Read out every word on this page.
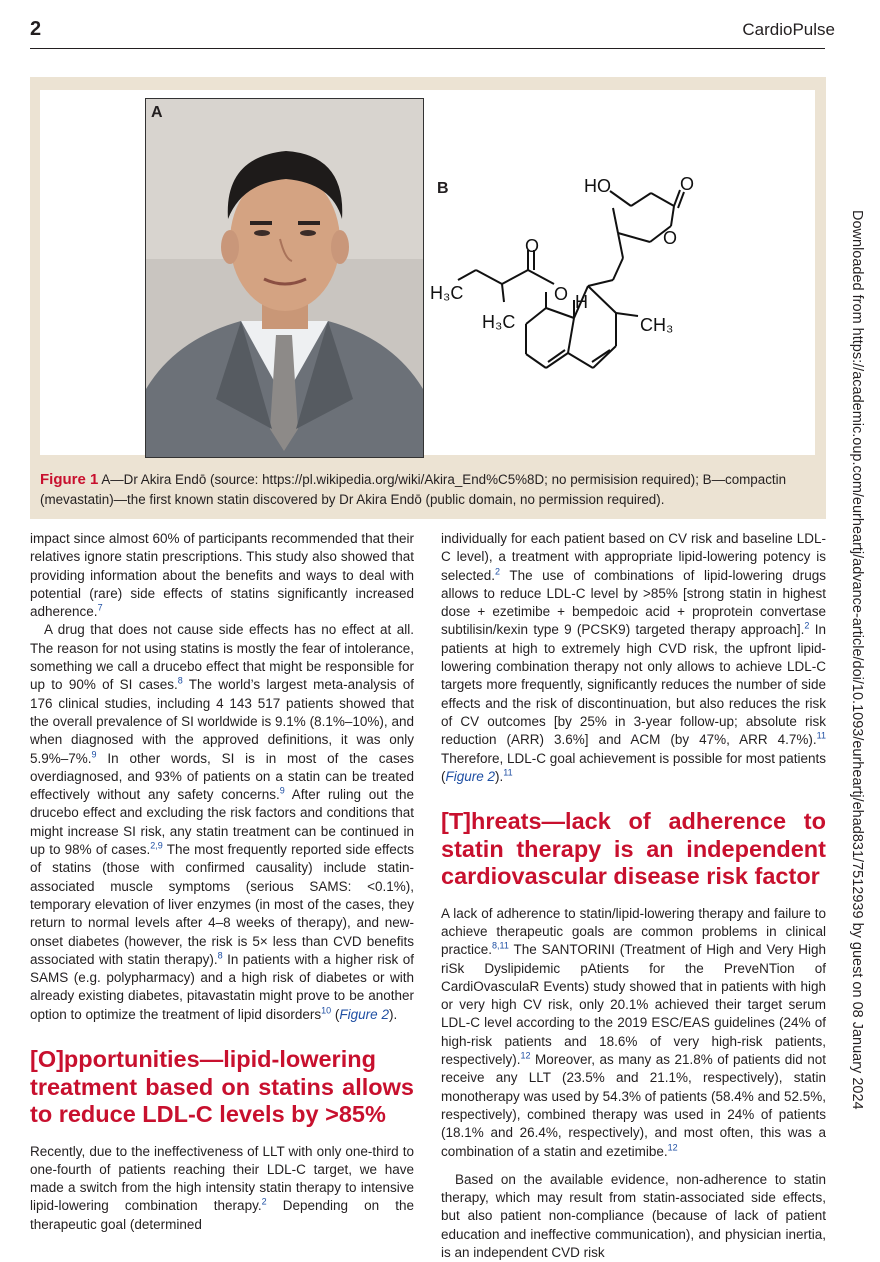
2	CardioPulse
A
HO	O
O
O
O H
H₃C
H₃C	CH₃
B
Figure 1 A—Dr Akira Endō (source: https://pl.wikipedia.org/wiki/Akira_End%C5%8D; no permisision required); B—compactin (mevastatin)—the first known statin discovered by Dr Akira Endō (public domain, no permission required).

impact since almost 60% of participants recommended that their relatives ignore statin prescriptions. This study also showed that providing information about the benefits and ways to deal with potential (rare) side effects of statins significantly increased adherence.$^7$

A drug that does not cause side effects has no effect at all. The reason for not using statins is mostly the fear of intolerance, something we call a drucebo effect that might be responsible for up to 90% of SI cases.$^8$ The world’s largest meta-analysis of 176 clinical studies, including 4 143 517 patients showed that the overall prevalence of SI worldwide is 9.1% (8.1%–10%), and when diagnosed with the approved definitions, it was only 5.9%–7%.$^9$ In other words, SI is in most of the cases overdiagnosed, and 93% of patients on a statin can be treated effectively without any safety concerns.$^9$ After ruling out the drucebo effect and excluding the risk factors and conditions that might increase SI risk, any statin treatment can be continued in up to 98% of cases.$^{2,9}$ The most frequently reported side effects of statins (those with confirmed causality) include statin-associated muscle symptoms (serious SAMS: <0.1%), temporary elevation of liver enzymes (in most of the cases, they return to normal levels after 4–8 weeks of therapy), and new-onset diabetes (however, the risk is 5× less than CVD benefits associated with statin therapy).$^8$ In patients with a higher risk of SAMS (e.g. polypharmacy) and a high risk of diabetes or with already existing diabetes, pitavastatin might prove to be another option to optimize the treatment of lipid disorders$^{10}$ (Figure 2).

[O]pportunities—lipid-lowering treatment based on statins allows to reduce LDL-C levels by >85%

Recently, due to the ineffectiveness of LLT with only one-third to one-fourth of patients reaching their LDL-C target, we have made a switch from the high intensity statin therapy to intensive lipid-lowering combination therapy.$^2$ Depending on the therapeutic goal (determined

individually for each patient based on CV risk and baseline LDL-C level), a treatment with appropriate lipid-lowering potency is selected.$^2$ The use of combinations of lipid-lowering drugs allows to reduce LDL-C level by >85% [strong statin in highest dose + ezetimibe + bempedoic acid + proprotein convertase subtilisin/kexin type 9 (PCSK9) targeted therapy approach].$^2$ In patients at high to extremely high CVD risk, the upfront lipid-lowering combination therapy not only allows to achieve LDL-C targets more frequently, significantly reduces the number of side effects and the risk of discontinuation, but also reduces the risk of CV outcomes [by 25% in 3-year follow-up; absolute risk reduction (ARR) 3.6%] and ACM (by 47%, ARR 4.7%).$^{11}$ Therefore, LDL-C goal achievement is possible for most patients (Figure 2).$^{11}$

[T]hreats—lack of adherence to statin therapy is an independent cardiovascular disease risk factor

A lack of adherence to statin/lipid-lowering therapy and failure to achieve therapeutic goals are common problems in clinical practice.$^{8,11}$ The SANTORINI (Treatment of High and Very High riSk Dyslipidemic pAtients for the PreveNTion of CardiOvasculaR Events) study showed that in patients with high or very high CV risk, only 20.1% achieved their target serum LDL-C level according to the 2019 ESC/EAS guidelines (24% of high-risk patients and 18.6% of very high-risk patients, respectively).$^{12}$ Moreover, as many as 21.8% of patients did not receive any LLT (23.5% and 21.1%, respectively), statin monotherapy was used by 54.3% of patients (58.4% and 52.5%, respectively), combined therapy was used in 24% of patients (18.1% and 26.4%, respectively), and most often, this was a combination of a statin and ezetimibe.$^{12}$

Based on the available evidence, non-adherence to statin therapy, which may result from statin-associated side effects, but also patient non-compliance (because of lack of patient education and ineffective communication), and physician inertia, is an independent CVD risk

Downloaded from https://academic.oup.com/eurheartj/advance-article/doi/10.1093/eurheartj/ehad831/7512939 by guest on 08 January 2024
